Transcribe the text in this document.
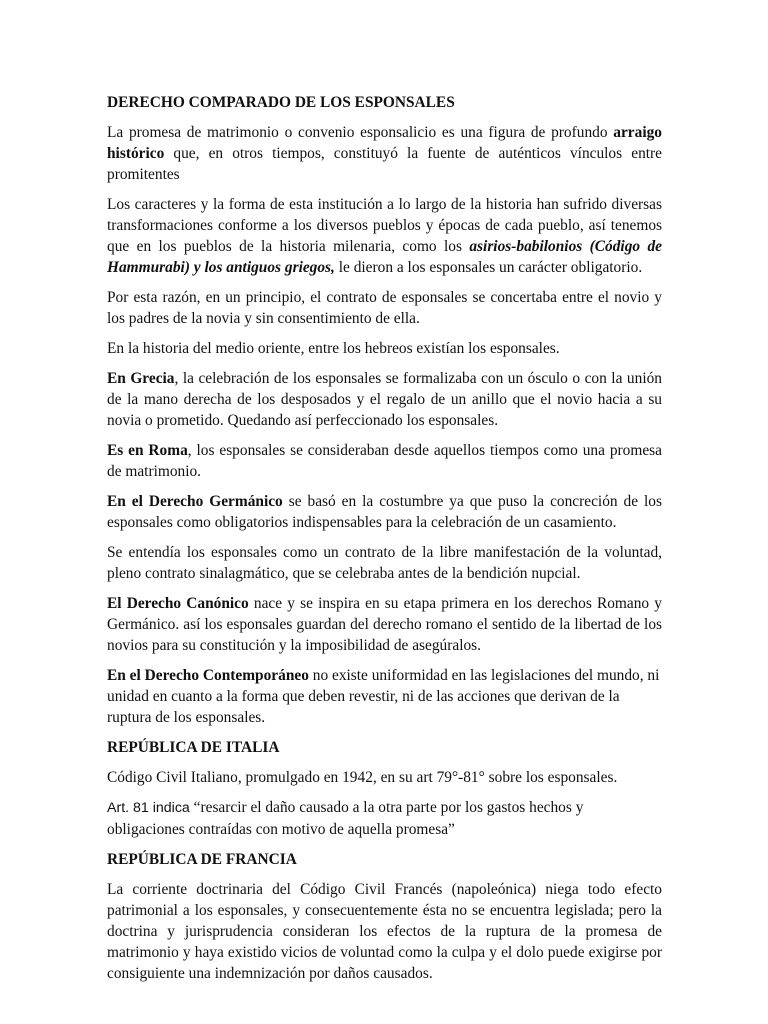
DERECHO COMPARADO DE LOS ESPONSALES

La promesa de matrimonio o convenio esponsalicio es una figura de profundo arraigo histórico que, en otros tiempos, constituyó la fuente de auténticos vínculos entre promitentes

Los caracteres y la forma de esta institución a lo largo de la historia han sufrido diversas transformaciones conforme a los diversos pueblos y épocas de cada pueblo, así tenemos que en los pueblos de la historia milenaria, como los asirios-babilonios (Código de Hammurabi) y los antiguos griegos, le dieron a los esponsales un carácter obligatorio.

Por esta razón, en un principio, el contrato de esponsales se concertaba entre el novio y los padres de la novia y sin consentimiento de ella.

En la historia del medio oriente, entre los hebreos existían los esponsales.

En Grecia, la celebración de los esponsales se formalizaba con un ósculo o con la unión de la mano derecha de los desposados y el regalo de un anillo que el novio hacia a su novia o prometido. Quedando así perfeccionado los esponsales.

Es en Roma, los esponsales se consideraban desde aquellos tiempos como una promesa de matrimonio.

En el Derecho Germánico se basó en la costumbre ya que puso la concreción de los esponsales como obligatorios indispensables para la celebración de un casamiento.

Se entendía los esponsales como un contrato de la libre manifestación de la voluntad, pleno contrato sinalagmático, que se celebraba antes de la bendición nupcial.

El Derecho Canónico nace y se inspira en su etapa primera en los derechos Romano y Germánico. así los esponsales guardan del derecho romano el sentido de la libertad de los novios para su constitución y la imposibilidad de asegúralos.

En el Derecho Contemporáneo no existe uniformidad en las legislaciones del mundo, ni unidad en cuanto a la forma que deben revestir, ni de las acciones que derivan de la ruptura de los esponsales.

REPÚBLICA DE ITALIA

Código Civil Italiano, promulgado en 1942, en su art 79°-81° sobre los esponsales.

Art. 81 indica “resarcir el daño causado a la otra parte por los gastos hechos y obligaciones contraídas con motivo de aquella promesa”

REPÚBLICA DE FRANCIA

La corriente doctrinaria del Código Civil Francés (napoleónica) niega todo efecto patrimonial a los esponsales, y consecuentemente ésta no se encuentra legislada; pero la doctrina y jurisprudencia consideran los efectos de la ruptura de la promesa de matrimonio y haya existido vicios de voluntad como la culpa y el dolo puede exigirse por consiguiente una indemnización por daños causados.
